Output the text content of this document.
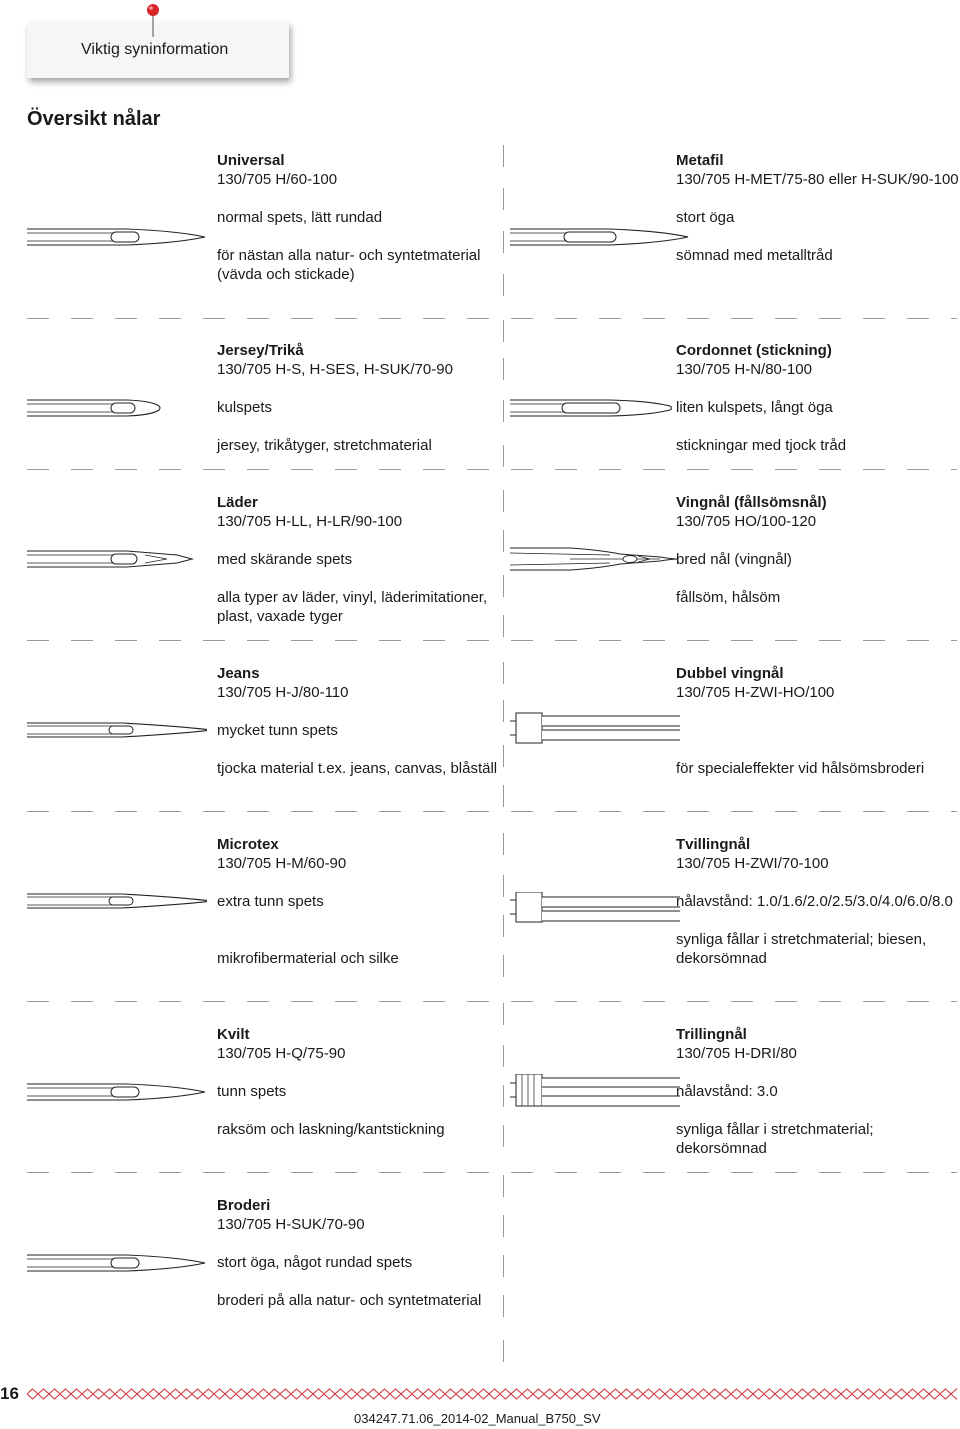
Viktig syninformation
Översikt nålar

Universal

130/705 H/60-100

normal spets, lätt rundad

för nästan alla natur- och syntetmaterial (vävda och stickade)

Jersey/Trikå

130/705 H-S, H-SES, H-SUK/70-90

kulspets

jersey, trikåtyger, stretchmaterial

Läder

130/705 H-LL, H-LR/90-100

med skärande spets

alla typer av läder, vinyl, läderimitationer, plast, vaxade tyger

Jeans

130/705 H-J/80-110

mycket tunn spets

tjocka material t.ex. jeans, canvas, blåställ

Microtex

130/705 H-M/60-90

extra tunn spets

mikrofibermaterial och silke

Kvilt

130/705 H-Q/75-90

tunn spets

raksöm och laskning/kantstickning

Broderi

130/705 H-SUK/70-90

stort öga, något rundad spets

broderi på alla natur- och syntetmaterial

Metafil

130/705 H-MET/75-80 eller H-SUK/90-100

stort öga

sömnad med metalltråd

Cordonnet (stickning)

130/705 H-N/80-100

liten kulspets, långt öga

stickningar med tjock tråd

Vingnål (fållsömsnål)

130/705 HO/100-120

bred nål (vingnål)

fållsöm, hålsöm

Dubbel vingnål

130/705 H-ZWI-HO/100

för specialeffekter vid hålsömsbroderi

Tvillingnål

130/705 H-ZWI/70-100

nålavstånd: 1.0/1.6/2.0/2.5/3.0/4.0/6.0/8.0

synliga fållar i stretchmaterial; biesen, dekorsömnad

Trillingnål

130/705 H-DRI/80

nålavstånd: 3.0

synliga fållar i stretchmaterial; dekorsömnad

16
034247.71.06_2014-02_Manual_B750_SV
